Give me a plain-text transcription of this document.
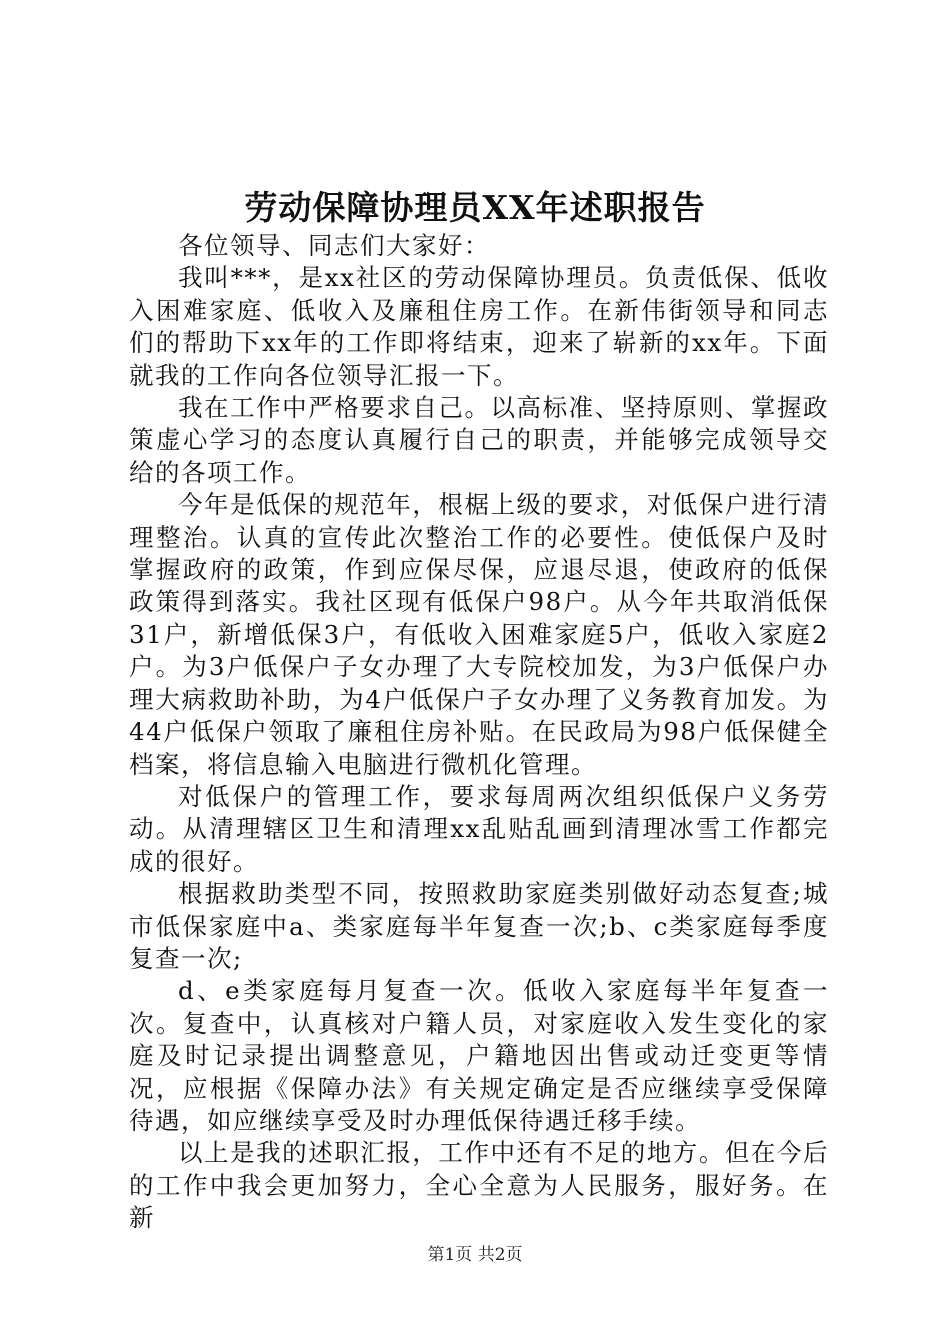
劳动保障协理员XX年述职报告

各位领导、同志们大家好：

我叫***，是xx社区的劳动保障协理员。负责低保、低收入困难家庭、低收入及廉租住房工作。在新伟街领导和同志们的帮助下xx年的工作即将结束，迎来了崭新的xx年。下面就我的工作向各位领导汇报一下。

我在工作中严格要求自己。以高标准、坚持原则、掌握政策虚心学习的态度认真履行自己的职责，并能够完成领导交给的各项工作。

今年是低保的规范年，根椐上级的要求，对低保户进行清理整治。认真的宣传此次整治工作的必要性。使低保户及时掌握政府的政策，作到应保尽保，应退尽退，使政府的低保政策得到落实。我社区现有低保户98户。从今年共取消低保31户，新增低保3户，有低收入困难家庭5户，低收入家庭2户。为3户低保户子女办理了大专院校加发，为3户低保户办理大病救助补助，为4户低保户子女办理了义务教育加发。为44户低保户领取了廉租住房补贴。在民政局为98户低保健全档案，将信息输入电脑进行微机化管理。

对低保户的管理工作，要求每周两次组织低保户义务劳动。从清理辖区卫生和清理xx乱贴乱画到清理冰雪工作都完成的很好。

根据救助类型不同，按照救助家庭类别做好动态复查;城市低保家庭中a、类家庭每半年复查一次;b、c类家庭每季度复查一次;

d、e类家庭每月复查一次。低收入家庭每半年复查一次。复查中，认真核对户籍人员，对家庭收入发生变化的家庭及时记录提出调整意见，户籍地因出售或动迁变更等情况，应根据《保障办法》有关规定确定是否应继续享受保障待遇，如应继续享受及时办理低保待遇迁移手续。

以上是我的述职汇报，工作中还有不足的地方。但在今后的工作中我会更加努力，全心全意为人民服务，服好务。在新

第1页 共2页
